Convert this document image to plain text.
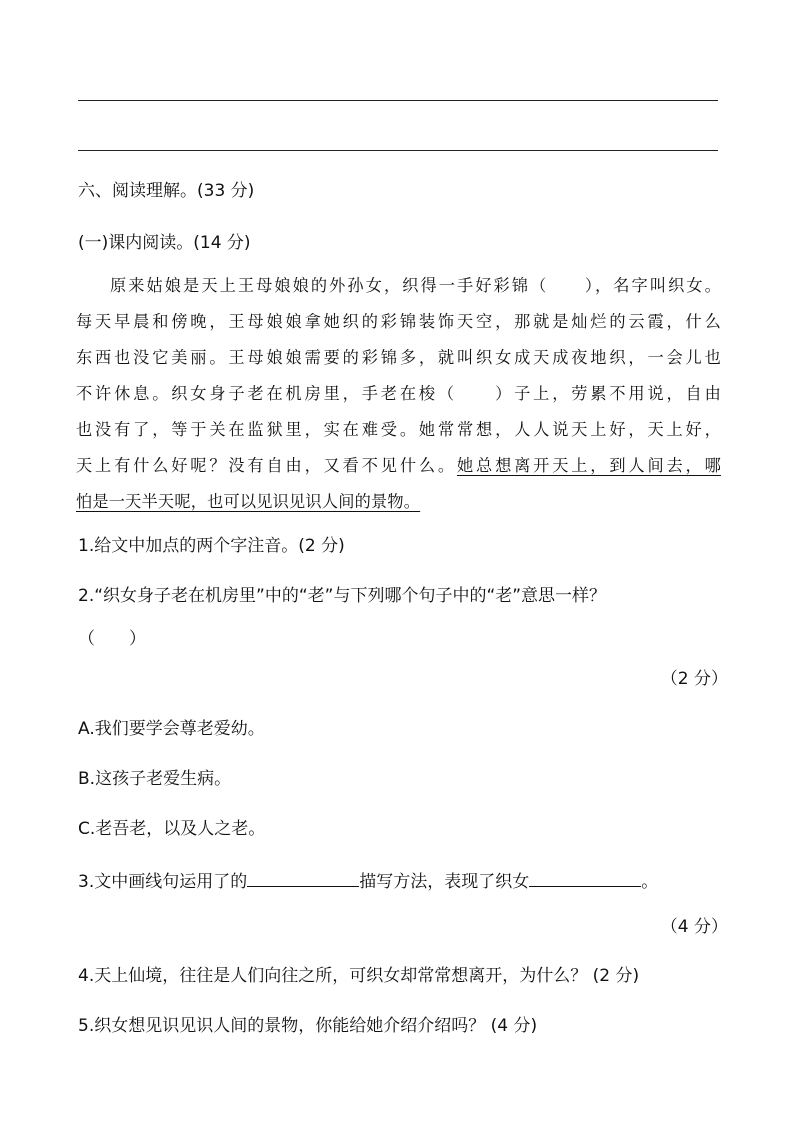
六、阅读理解。(33 分)
(一)课内阅读。(14 分)
原来姑娘是天上王母娘娘的外孙女，织得一手好彩锦（　　），名字叫织女。
每天早晨和傍晚，王母娘娘拿她织的彩锦装饰天空，那就是灿烂的云霞，什么
东西也没它美丽。王母娘娘需要的彩锦多，就叫织女成天成夜地织，一会儿也
不许休息。织女身子老在机房里，手老在梭（　　）子上，劳累不用说，自由
也没有了，等于关在监狱里，实在难受。她常常想，人人说天上好，天上好，
天上有什么好呢？没有自由，又看不见什么。她总想离开天上，到人间去，哪
怕是一天半天呢，也可以见识见识人间的景物。
1.给文中加点的两个字注音。(2 分)
2.“织女身子老在机房里”中的“老”与下列哪个句子中的“老”意思一样？
（　　）
（2 分）
A.我们要学会尊老爱幼。
B.这孩子老爱生病。
C.老吾老，以及人之老。
3.文中画线句运用了的	描写方法，表现了织女	。
（4 分）
4.天上仙境，往往是人们向往之所，可织女却常常想离开，为什么？ (2 分)
5.织女想见识见识人间的景物，你能给她介绍介绍吗？ (4 分)
